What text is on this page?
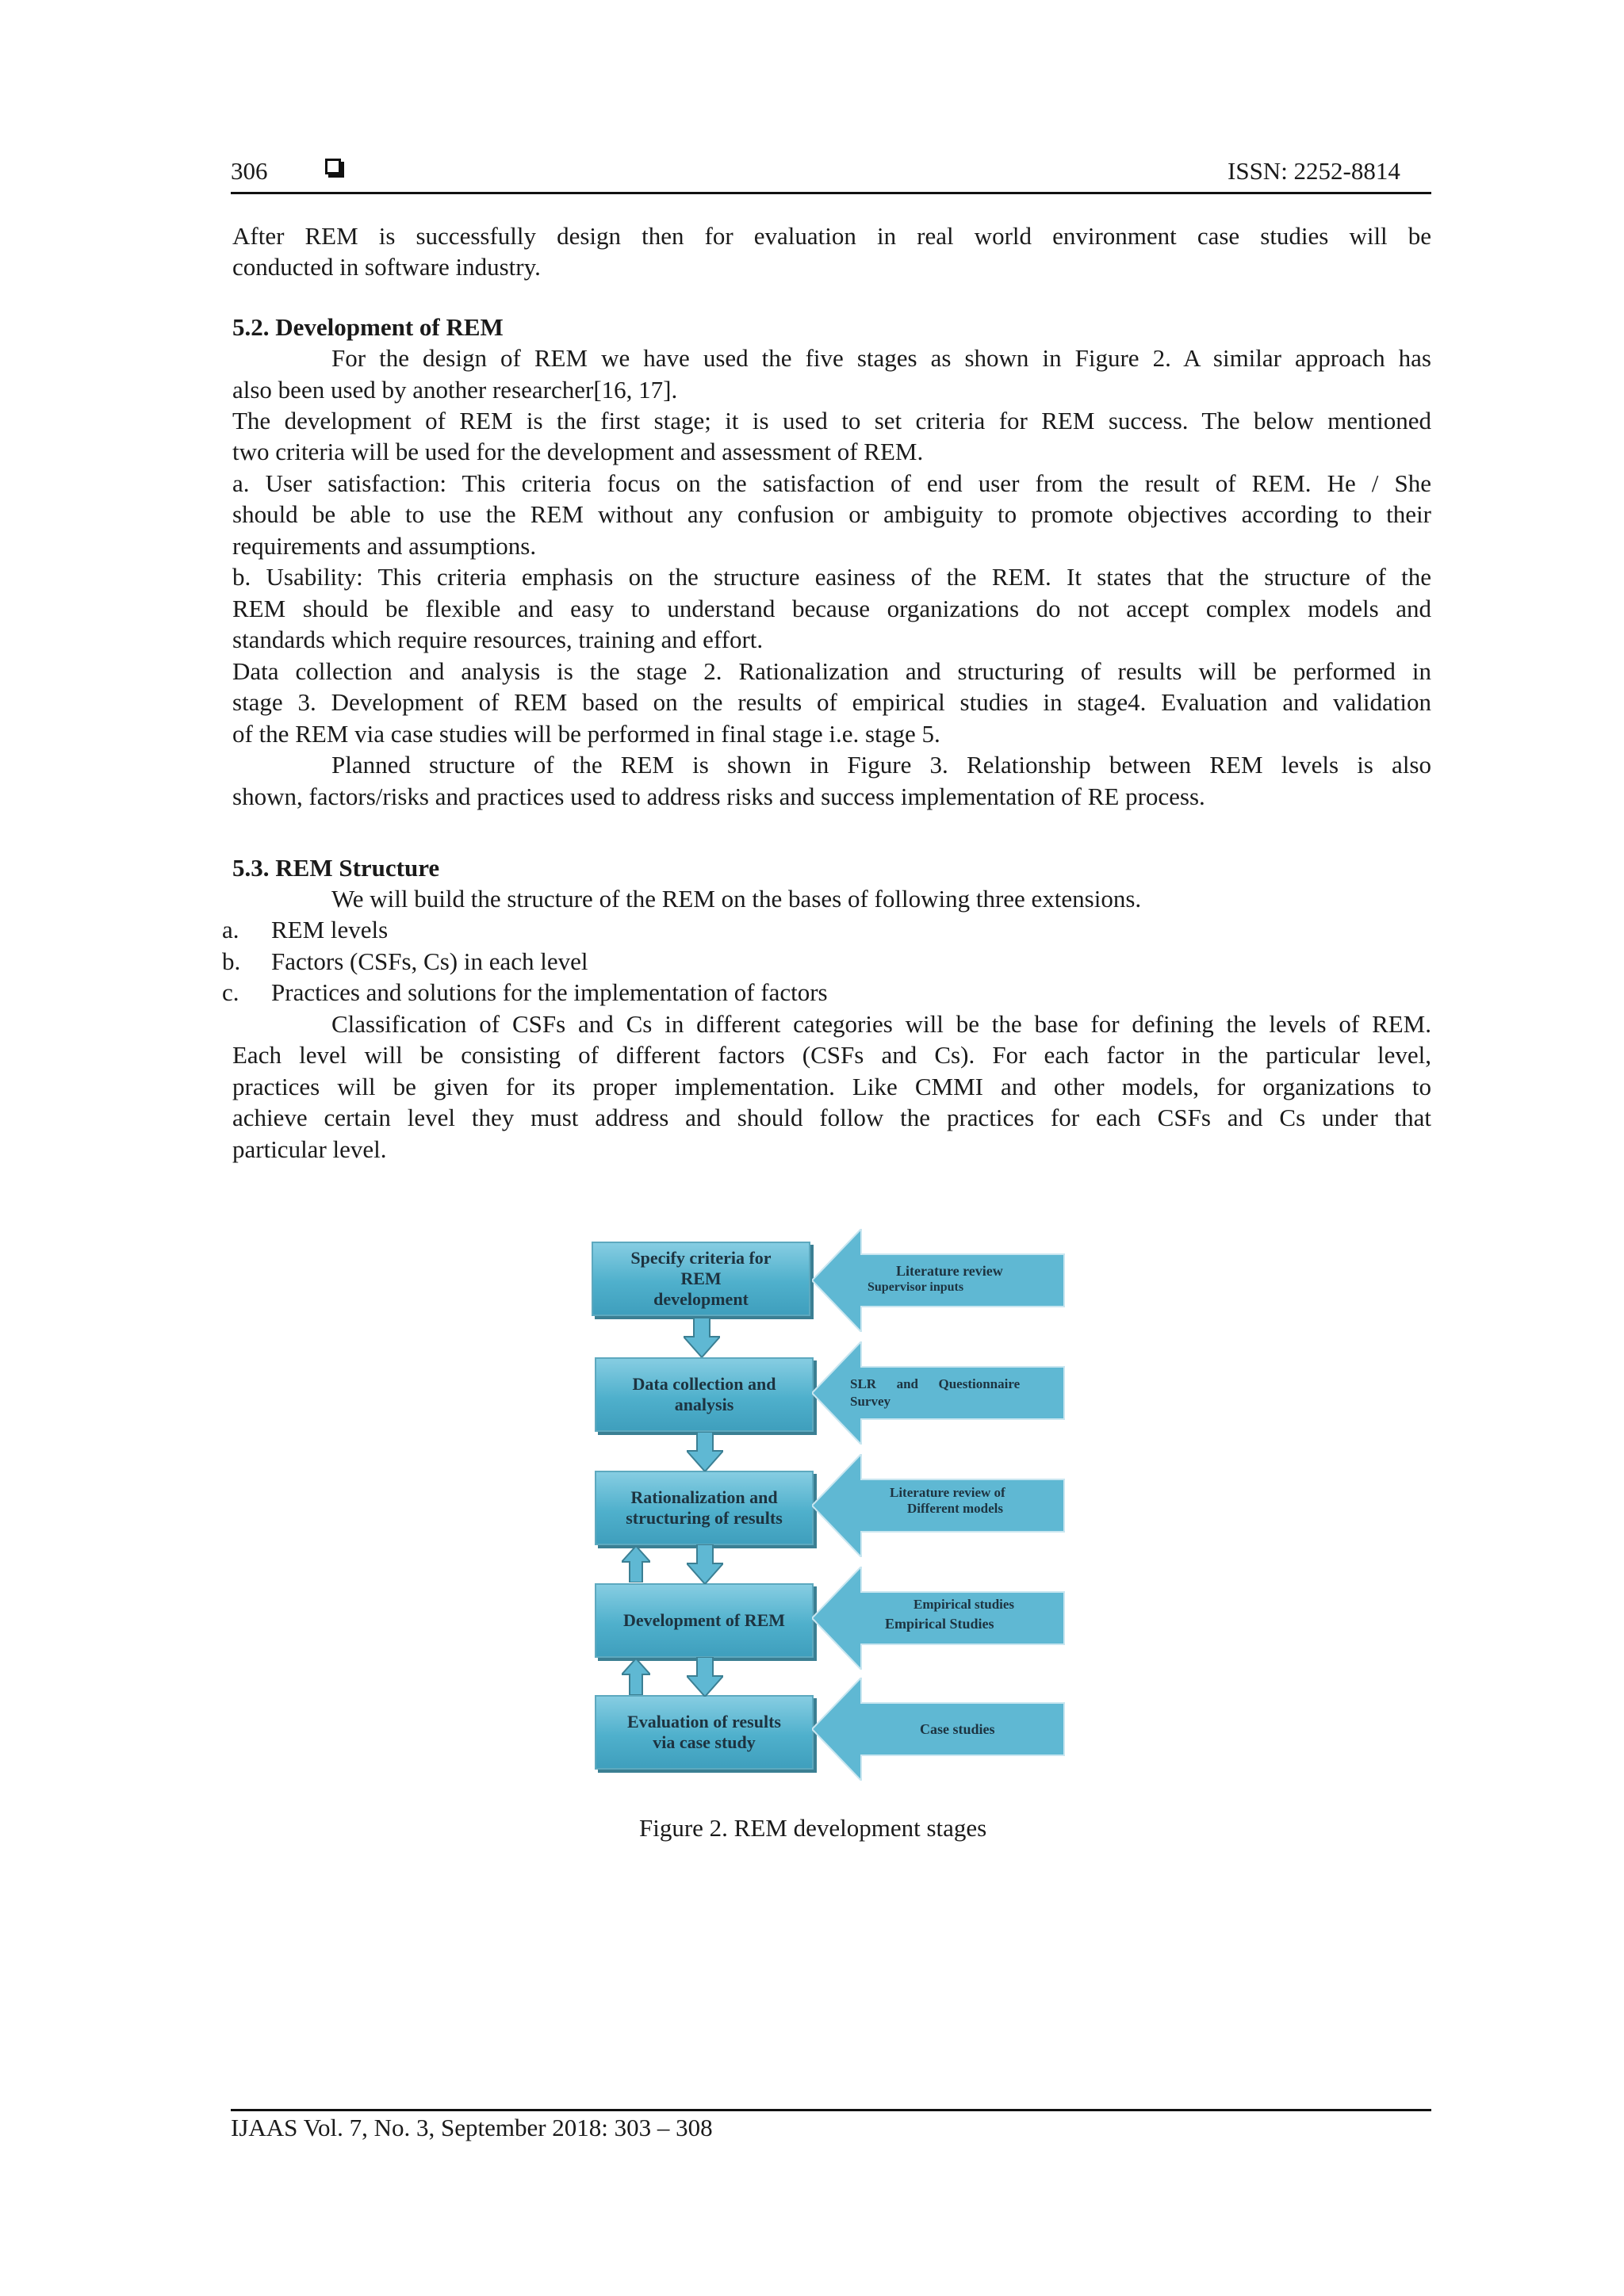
306	ISSN: 2252-8814
After REM is successfully design then for evaluation in real world environment case studies will be
conducted in software industry.
5.2. Development of REM
For the design of REM we have used the five stages as shown in Figure 2. A similar approach has
also been used by another researcher[16, 17].
The development of REM is the first stage; it is used to set criteria for REM success. The below mentioned
two criteria will be used for the development and assessment of REM.
a. User satisfaction: This criteria focus on the satisfaction of end user from the result of REM. He / She
should be able to use the REM without any confusion or ambiguity to promote objectives according to their
requirements and assumptions.
b. Usability: This criteria emphasis on the structure easiness of the REM. It states that the structure of the
REM should be flexible and easy to understand because organizations do not accept complex models and
standards which require resources, training and effort.
Data collection and analysis is the stage 2. Rationalization and structuring of results will be performed in
stage 3. Development of REM based on the results of empirical studies in stage4. Evaluation and validation
of the REM via case studies will be performed in final stage i.e. stage 5.
Planned structure of the REM is shown in Figure 3. Relationship between REM levels is also
shown, factors/risks and practices used to address risks and success implementation of RE process.
5.3. REM Structure
We will build the structure of the REM on the bases of following three extensions.
a. REM levels
b. Factors (CSFs, Cs) in each level
c. Practices and solutions for the implementation of factors
Classification of CSFs and Cs in different categories will be the base for defining the levels of REM.
Each level will be consisting of different factors (CSFs and Cs). For each factor in the particular level,
practices will be given for its proper implementation. Like CMMI and other models, for organizations to
achieve certain level they must address and should follow the practices for each CSFs and Cs under that
particular level.
Specify criteria for
REM
development
Data collection and
analysis
Rationalization and
structuring of results
Development of REM
Evaluation of results
via case study
Literature review
Supervisor inputs
SLR      and      Questionnaire
Survey
Literature review of
Different models
Empirical studies
Empirical Studies
Case studies
Figure 2. REM development stages
IJAAS Vol. 7, No. 3, September 2018: 303 – 308
